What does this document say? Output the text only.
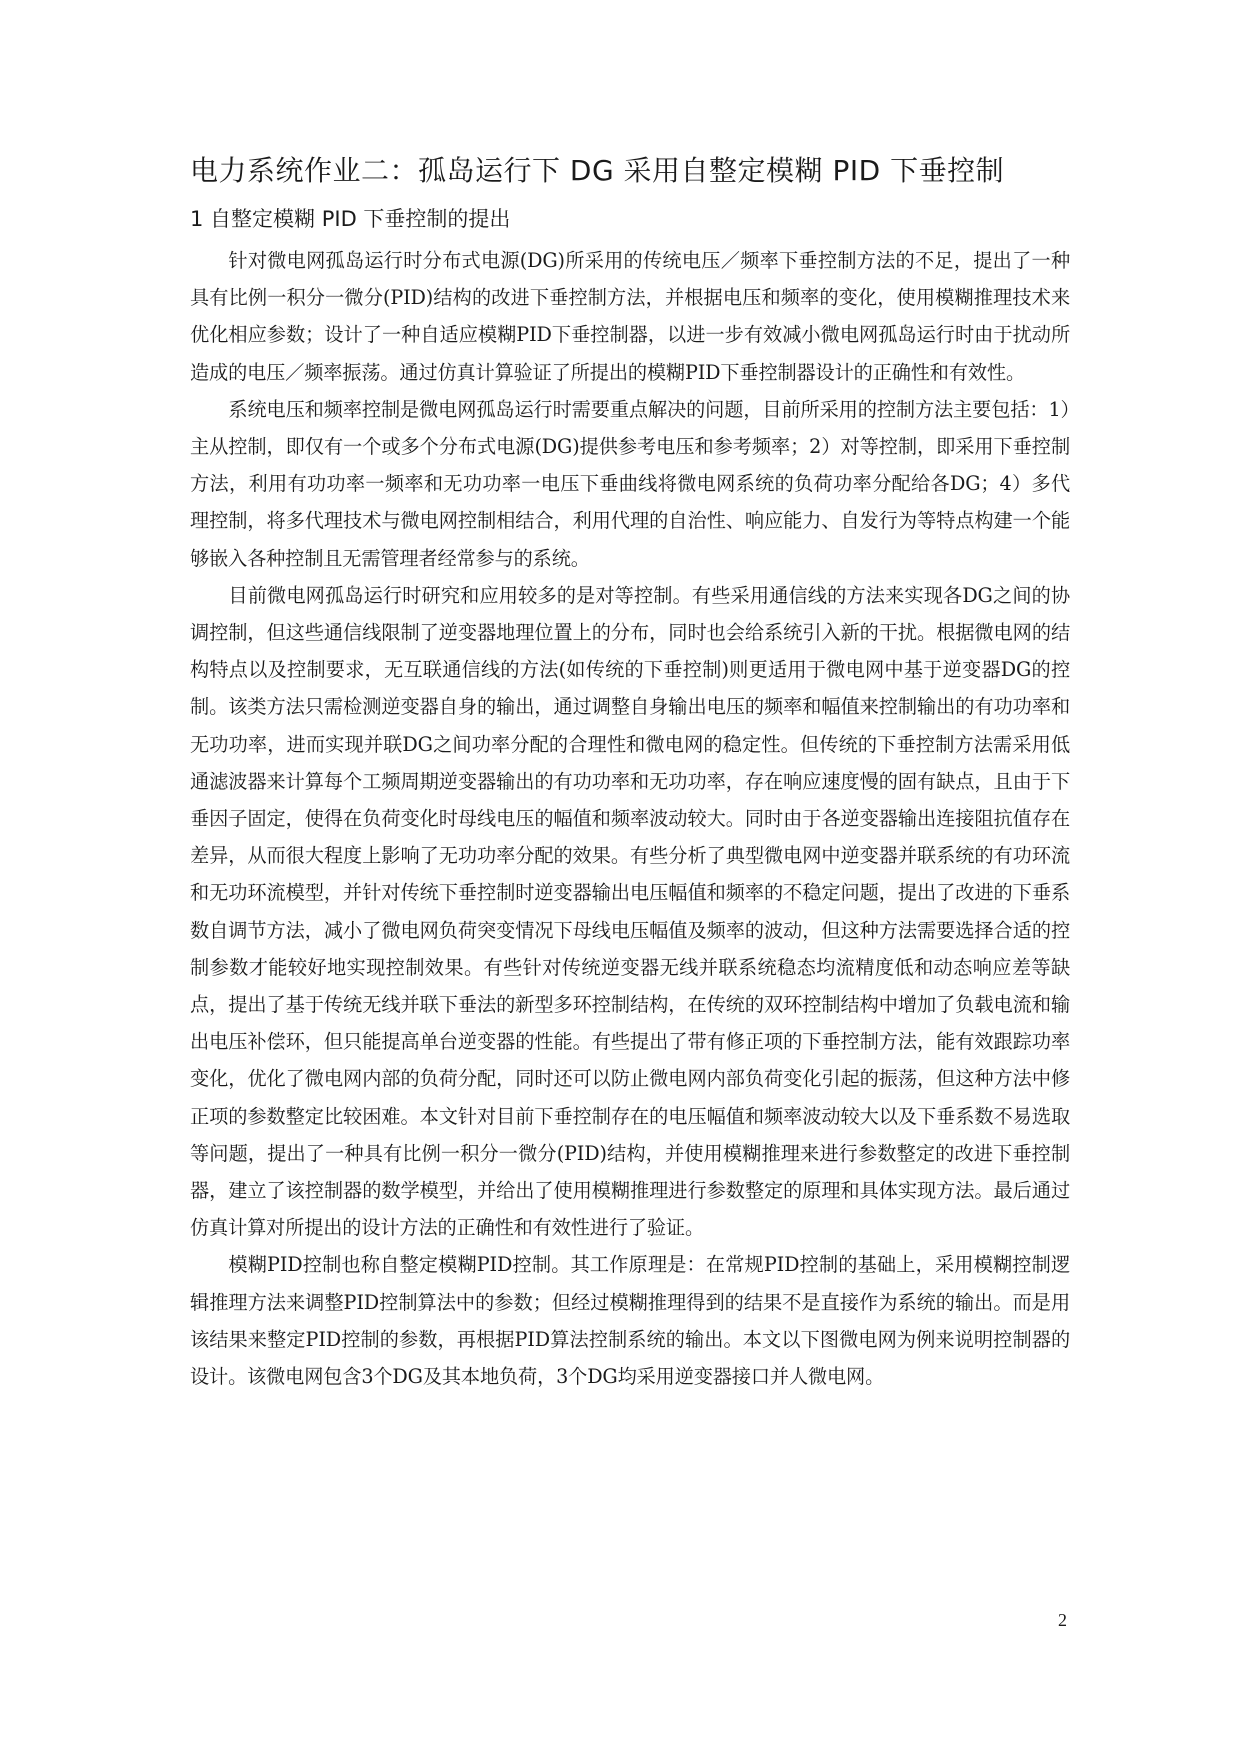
电力系统作业二：孤岛运行下 DG 采用自整定模糊 PID 下垂控制
1 自整定模糊 PID 下垂控制的提出

针对微电网孤岛运行时分布式电源(DG)所采用的传统电压／频率下垂控制方法的不足，提出了一种具有比例一积分一微分(PID)结构的改进下垂控制方法，并根据电压和频率的变化，使用模糊推理技术来优化相应参数；设计了一种自适应模糊PID下垂控制器，以进一步有效减小微电网孤岛运行时由于扰动所造成的电压／频率振荡。通过仿真计算验证了所提出的模糊PID下垂控制器设计的正确性和有效性。

系统电压和频率控制是微电网孤岛运行时需要重点解决的问题，目前所采用的控制方法主要包括：1）主从控制，即仅有一个或多个分布式电源(DG)提供参考电压和参考频率；2）对等控制，即采用下垂控制方法，利用有功功率一频率和无功功率一电压下垂曲线将微电网系统的负荷功率分配给各DG；4）多代理控制，将多代理技术与微电网控制相结合，利用代理的自治性、响应能力、自发行为等特点构建一个能够嵌入各种控制且无需管理者经常参与的系统。

目前微电网孤岛运行时研究和应用较多的是对等控制。有些采用通信线的方法来实现各DG之间的协调控制，但这些通信线限制了逆变器地理位置上的分布，同时也会给系统引入新的干扰。根据微电网的结构特点以及控制要求，无互联通信线的方法(如传统的下垂控制)则更适用于微电网中基于逆变器DG的控制。该类方法只需检测逆变器自身的输出，通过调整自身输出电压的频率和幅值来控制输出的有功功率和无功功率，进而实现并联DG之间功率分配的合理性和微电网的稳定性。但传统的下垂控制方法需采用低通滤波器来计算每个工频周期逆变器输出的有功功率和无功功率，存在响应速度慢的固有缺点，且由于下垂因子固定，使得在负荷变化时母线电压的幅值和频率波动较大。同时由于各逆变器输出连接阻抗值存在差异，从而很大程度上影响了无功功率分配的效果。有些分析了典型微电网中逆变器并联系统的有功环流和无功环流模型，并针对传统下垂控制时逆变器输出电压幅值和频率的不稳定问题，提出了改进的下垂系数自调节方法，减小了微电网负荷突变情况下母线电压幅值及频率的波动，但这种方法需要选择合适的控制参数才能较好地实现控制效果。有些针对传统逆变器无线并联系统稳态均流精度低和动态响应差等缺点，提出了基于传统无线并联下垂法的新型多环控制结构，在传统的双环控制结构中增加了负载电流和输出电压补偿环，但只能提高单台逆变器的性能。有些提出了带有修正项的下垂控制方法，能有效跟踪功率变化，优化了微电网内部的负荷分配，同时还可以防止微电网内部负荷变化引起的振荡，但这种方法中修正项的参数整定比较困难。本文针对目前下垂控制存在的电压幅值和频率波动较大以及下垂系数不易选取等问题，提出了一种具有比例一积分一微分(PID)结构，并使用模糊推理来进行参数整定的改进下垂控制器，建立了该控制器的数学模型，并给出了使用模糊推理进行参数整定的原理和具体实现方法。最后通过仿真计算对所提出的设计方法的正确性和有效性进行了验证。

模糊PID控制也称自整定模糊PID控制。其工作原理是：在常规PID控制的基础上，采用模糊控制逻辑推理方法来调整PID控制算法中的参数；但经过模糊推理得到的结果不是直接作为系统的输出。而是用该结果来整定PID控制的参数，再根据PID算法控制系统的输出。本文以下图微电网为例来说明控制器的设计。该微电网包含3个DG及其本地负荷，3个DG均采用逆变器接口并人微电网。

2
